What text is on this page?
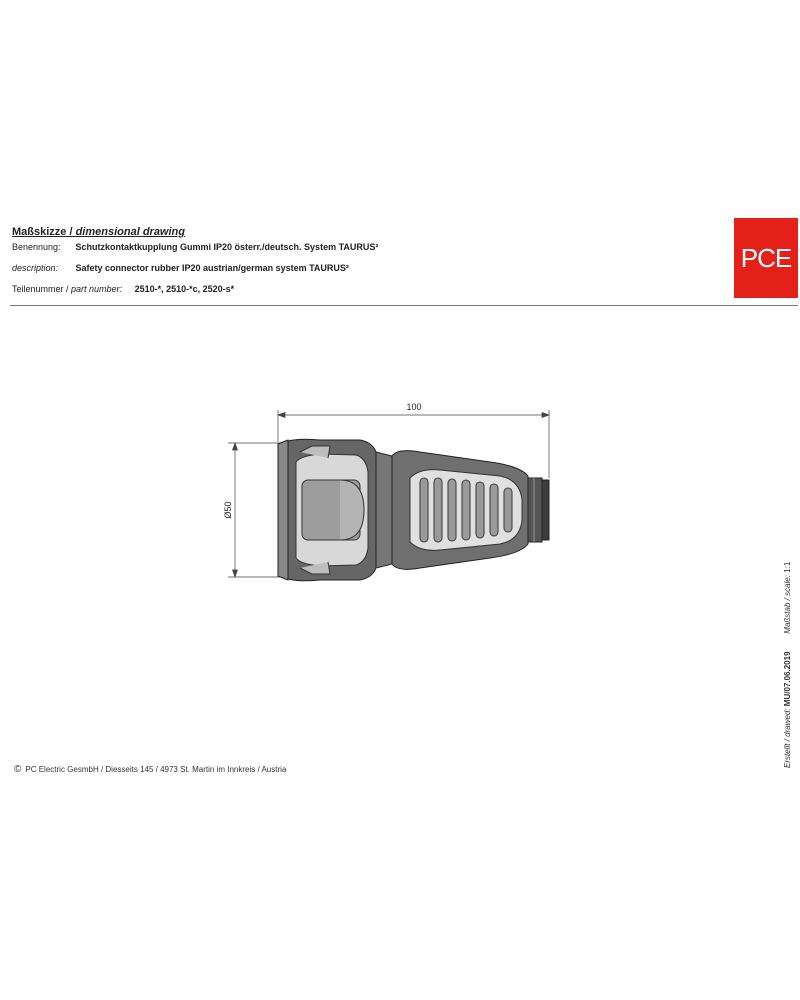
Maßskizze / dimensional drawing
Benennung: Schutzkontaktkupplung Gummi IP20 österr./deutsch. System TAURUS²
description: Safety connector rubber IP20 austrian/german system TAURUS²
Teilenummer / part number: 2510-*, 2510-*c, 2520-s*
PCE
100
Ø50
Erstellt / drawed: MU/07.06.2019        Maßstab / scale: 1:1
© PC Electric GesmbH / Diesseits 145 / 4973 St. Martin im Innkreis / Austria
